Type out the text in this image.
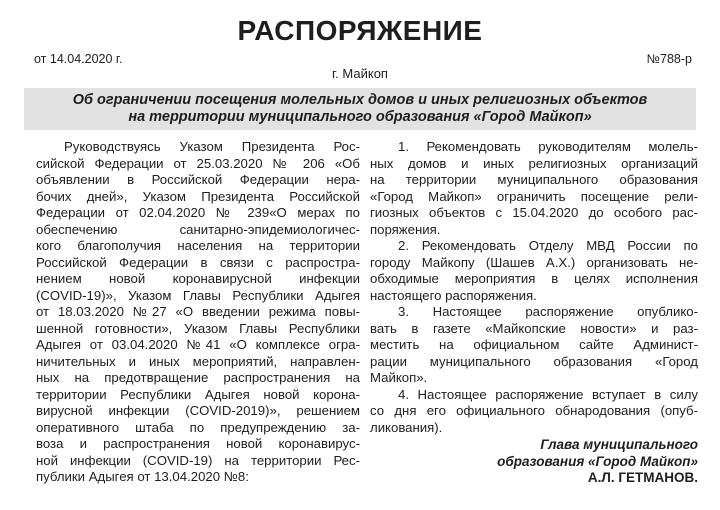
РАСПОРЯЖЕНИЕ
от 14.04.2020 г.	№788-р
г. Майкоп
Об ограничении посещения молельных домов и иных религиозных объектов
на территории муниципального образования «Город Майкоп»

Руководствуясь Указом Президента Рос-
сийской Федерации от 25.03.2020 № 206 «Об
объявлении в Российской Федерации нера-
бочих дней», Указом Президента Российской
Федерации от 02.04.2020 № 239«О мерах по
обеспечению санитарно-эпидемиологичес-
кого благополучия населения на территории
Российской Федерации в связи с распростра-
нением новой коронавирусной инфекции
(COVID-19)», Указом Главы Республики Адыгея
от 18.03.2020 №27 «О введении режима повы-
шенной готовности», Указом Главы Республики
Адыгея от 03.04.2020 №41 «О комплексе огра-
ничительных и иных мероприятий, направлен-
ных на предотвращение распространения на
территории Республики Адыгея новой корона-
вирусной инфекции (COVID-2019)», решением
оперативного штаба по предупреждению за-
воза и распространения новой коронавирус-
ной инфекции (COVID-19) на территории Рес-
публики Адыгея от 13.04.2020 №8:

1. Рекомендовать руководителям молель-
ных домов и иных религиозных организаций
на территории муниципального образования
«Город Майкоп» ограничить посещение рели-
гиозных объектов с 15.04.2020 до особого рас-
поряжения.

2. Рекомендовать Отделу МВД России по
городу Майкопу (Шашев А.Х.) организовать не-
обходимые мероприятия в целях исполнения
настоящего распоряжения.

3. Настоящее распоряжение опублико-
вать в газете «Майкопские новости» и раз-
местить на официальном сайте Админист-
рации муниципального образования «Город
Майкоп».

4. Настоящее распоряжение вступает в силу
со дня его официального обнародования (опуб-
ликования).

Глава муниципального
образования «Город Майкоп»
А.Л. ГЕТМАНОВ.
